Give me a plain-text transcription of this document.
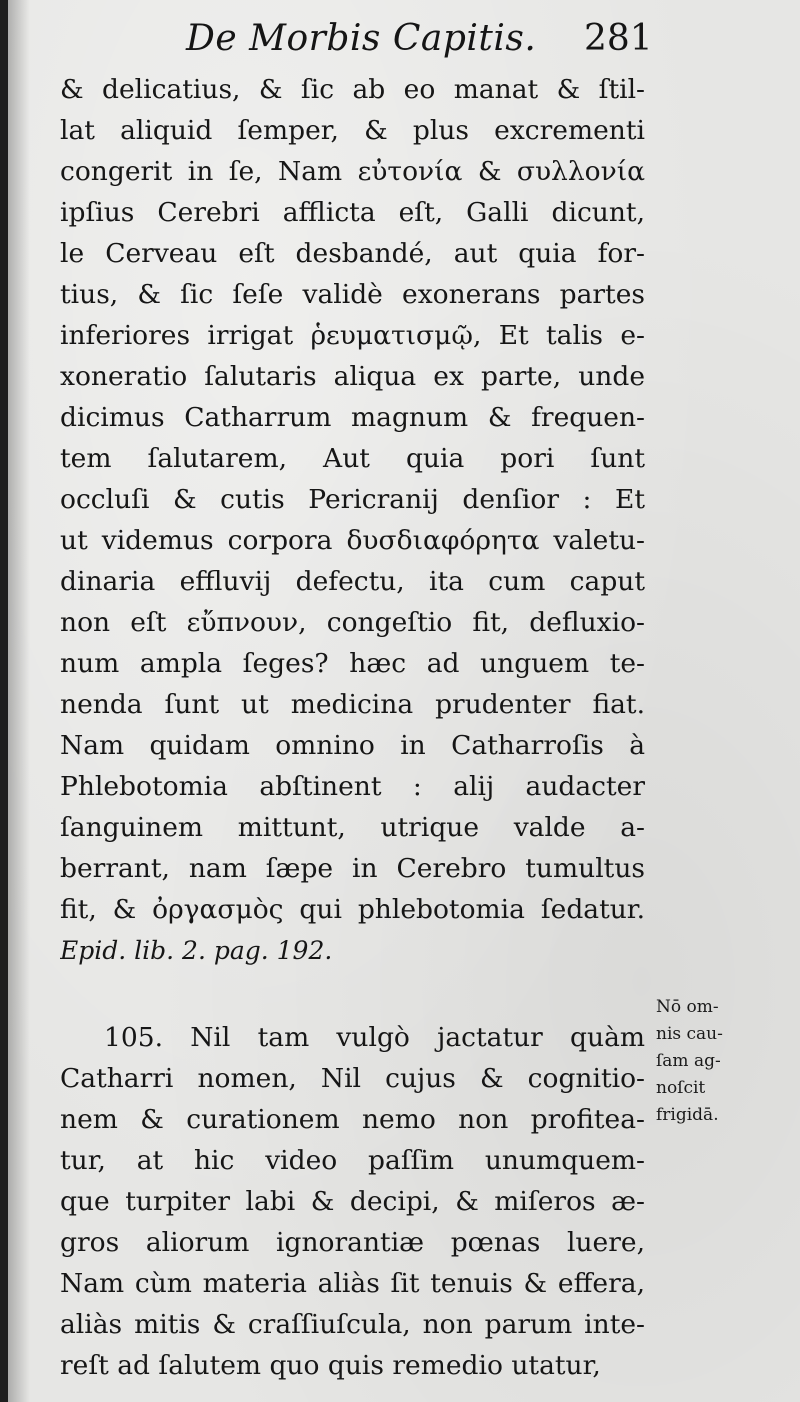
De Morbis Capitis. 281
& delicatius, & ſic ab eo manat & ſtil-
lat aliquid ſemper, & plus excrementi
congerit in ſe, Nam εὐτονία & συλλονία
ipſius Cerebri afflicta eſt, Galli dicunt,
le Cerveau eſt desbandé, aut quia for-
tius, & ſic ſeſe validè exonerans partes
inferiores irrigat ῥευματισμῷ, Et talis e-
xoneratio ſalutaris aliqua ex parte, unde
dicimus Catharrum magnum & frequen-
tem ſalutarem, Aut quia pori ſunt
occluſi & cutis Pericranij denſior : Et
ut videmus corpora δυσδιαφόρητα valetu-
dinaria effluvij defectu, ita cum caput
non eſt εὔπνουν, congeſtio fit, defluxio-
num ampla ſeges? hæc ad unguem te-
nenda ſunt ut medicina prudenter fiat.
Nam quidam omnino in Catharroſis à
Phlebotomia abſtinent : alij audacter
ſanguinem mittunt, utrique valde a-
berrant, nam ſæpe in Cerebro tumultus
fit, & ὀργασμὸς qui phlebotomia ſedatur.
Epid. lib. 2. pag. 192.
105. Nil tam vulgò jactatur quàm
Catharri nomen, Nil cujus & cognitio-
nem & curationem nemo non profitea-
tur, at hic video paſſim unumquem-
que turpiter labi & decipi, & miſeros æ-
gros aliorum ignorantiæ pœnas luere,
Nam cùm materia aliàs ſit tenuis & effera,
aliàs mitis & craſſiuſcula, non parum inte-
reſt ad ſalutem quo quis remedio utatur,
Nō om-
nis cau-
ſam ag-
noſcit
frigidā.
